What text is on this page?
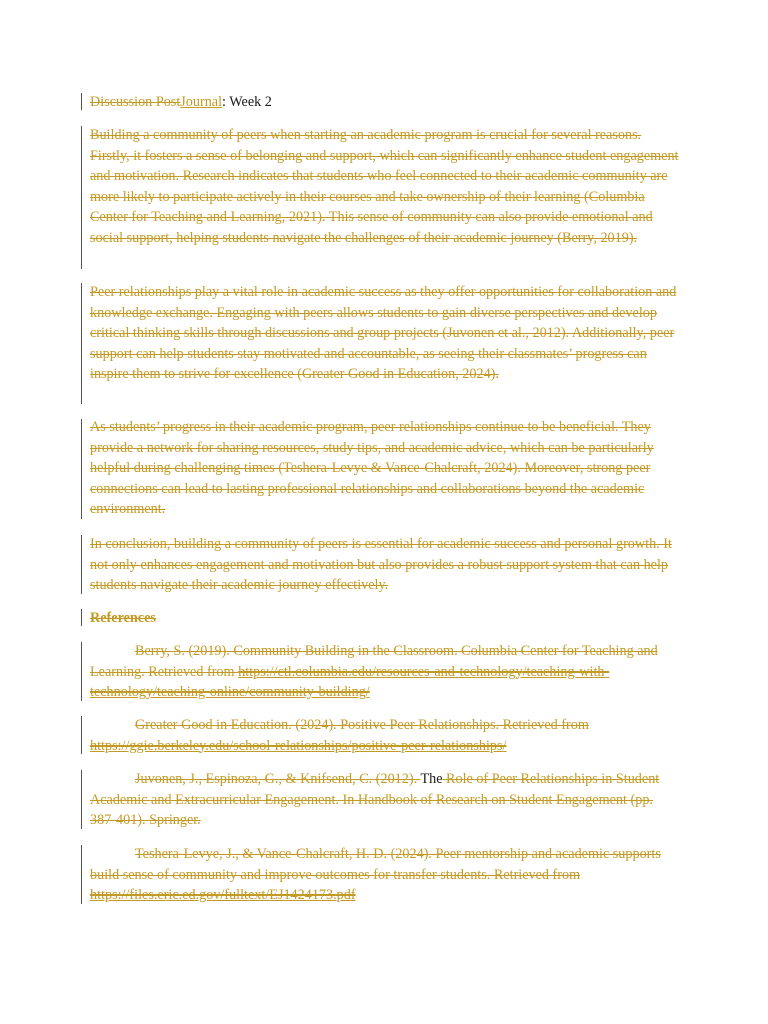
Discussion PostJournal: Week 2

Building a community of peers when starting an academic program is crucial for several reasons. Firstly, it fosters a sense of belonging and support, which can significantly enhance student engagement and motivation. Research indicates that students who feel connected to their academic community are more likely to participate actively in their courses and take ownership of their learning (Columbia Center for Teaching and Learning, 2021). This sense of community can also provide emotional and social support, helping students navigate the challenges of their academic journey (Berry, 2019).

Peer relationships play a vital role in academic success as they offer opportunities for collaboration and knowledge exchange. Engaging with peers allows students to gain diverse perspectives and develop critical thinking skills through discussions and group projects (Juvonen et al., 2012). Additionally, peer support can help students stay motivated and accountable, as seeing their classmates’ progress can inspire them to strive for excellence (Greater Good in Education, 2024).

As students’ progress in their academic program, peer relationships continue to be beneficial. They provide a network for sharing resources, study tips, and academic advice, which can be particularly helpful during challenging times (Teshera-Levye & Vance-Chalcraft, 2024). Moreover, strong peer connections can lead to lasting professional relationships and collaborations beyond the academic environment.

In conclusion, building a community of peers is essential for academic success and personal growth. It not only enhances engagement and motivation but also provides a robust support system that can help students navigate their academic journey effectively.

References

Berry, S. (2019). Community Building in the Classroom. Columbia Center for Teaching and Learning. Retrieved from https://ctl.columbia.edu/resources-and-technology/teaching-with-technology/teaching-online/community-building/

Greater Good in Education. (2024). Positive Peer Relationships. Retrieved from https://ggie.berkeley.edu/school-relationships/positive-peer-relationships/

Juvonen, J., Espinoza, G., & Knifsend, C. (2012). The Role of Peer Relationships in Student Academic and Extracurricular Engagement. In Handbook of Research on Student Engagement (pp. 387-401). Springer.

Teshera-Levye, J., & Vance-Chalcraft, H. D. (2024). Peer mentorship and academic supports build sense of community and improve outcomes for transfer students. Retrieved from https://files.eric.ed.gov/fulltext/EJ1424173.pdf
